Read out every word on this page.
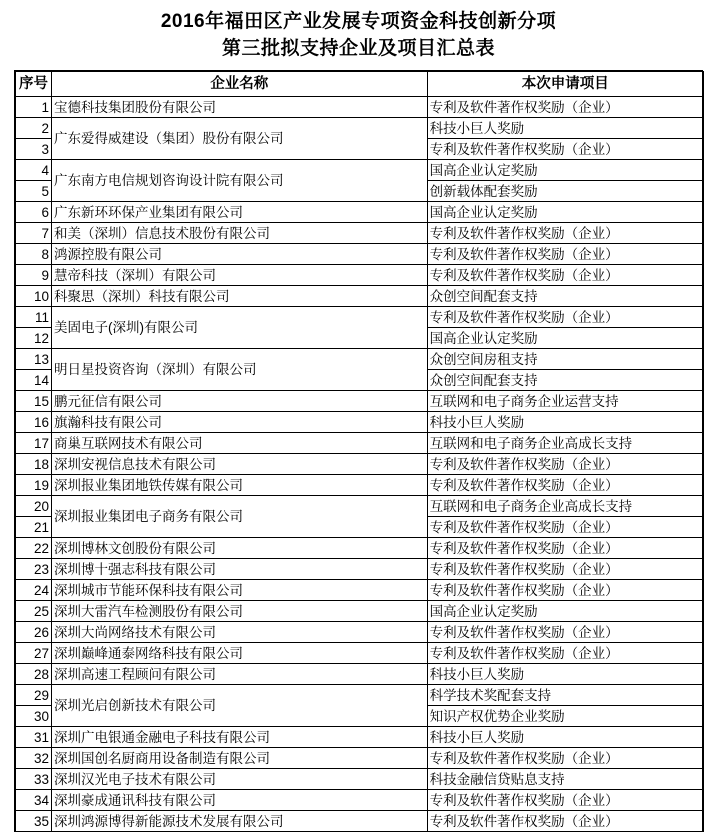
2016年福田区产业发展专项资金科技创新分项
第三批拟支持企业及项目汇总表
序号	企业名称	本次申请项目
1	宝德科技集团股份有限公司	专利及软件著作权奖励（企业）
2	广东爱得威建设（集团）股份有限公司	科技小巨人奖励
3		专利及软件著作权奖励（企业）
4	广东南方电信规划咨询设计院有限公司	国高企业认定奖励
5		创新载体配套奖励
6	广东新环环保产业集团有限公司	国高企业认定奖励
7	和美（深圳）信息技术股份有限公司	专利及软件著作权奖励（企业）
8	鸿源控股有限公司	专利及软件著作权奖励（企业）
9	慧帝科技（深圳）有限公司	专利及软件著作权奖励（企业）
10	科聚思（深圳）科技有限公司	众创空间配套支持
11	美固电子(深圳)有限公司	专利及软件著作权奖励（企业）
12		国高企业认定奖励
13	明日星投资咨询（深圳）有限公司	众创空间房租支持
14		众创空间配套支持
15	鹏元征信有限公司	互联网和电子商务企业运营支持
16	旗瀚科技有限公司	科技小巨人奖励
17	商巢互联网技术有限公司	互联网和电子商务企业高成长支持
18	深圳安视信息技术有限公司	专利及软件著作权奖励（企业）
19	深圳报业集团地铁传媒有限公司	专利及软件著作权奖励（企业）
20	深圳报业集团电子商务有限公司	互联网和电子商务企业高成长支持
21		专利及软件著作权奖励（企业）
22	深圳博林文创股份有限公司	专利及软件著作权奖励（企业）
23	深圳博十强志科技有限公司	专利及软件著作权奖励（企业）
24	深圳城市节能环保科技有限公司	专利及软件著作权奖励（企业）
25	深圳大雷汽车检测股份有限公司	国高企业认定奖励
26	深圳大尚网络技术有限公司	专利及软件著作权奖励（企业）
27	深圳巅峰通泰网络科技有限公司	专利及软件著作权奖励（企业）
28	深圳高速工程顾问有限公司	科技小巨人奖励
29	深圳光启创新技术有限公司	科学技术奖配套支持
30		知识产权优势企业奖励
31	深圳广电银通金融电子科技有限公司	科技小巨人奖励
32	深圳国创名厨商用设备制造有限公司	专利及软件著作权奖励（企业）
33	深圳汉光电子技术有限公司	科技金融信贷贴息支持
34	深圳豪成通讯科技有限公司	专利及软件著作权奖励（企业）
35	深圳鸿源博得新能源技术发展有限公司	专利及软件著作权奖励（企业）
